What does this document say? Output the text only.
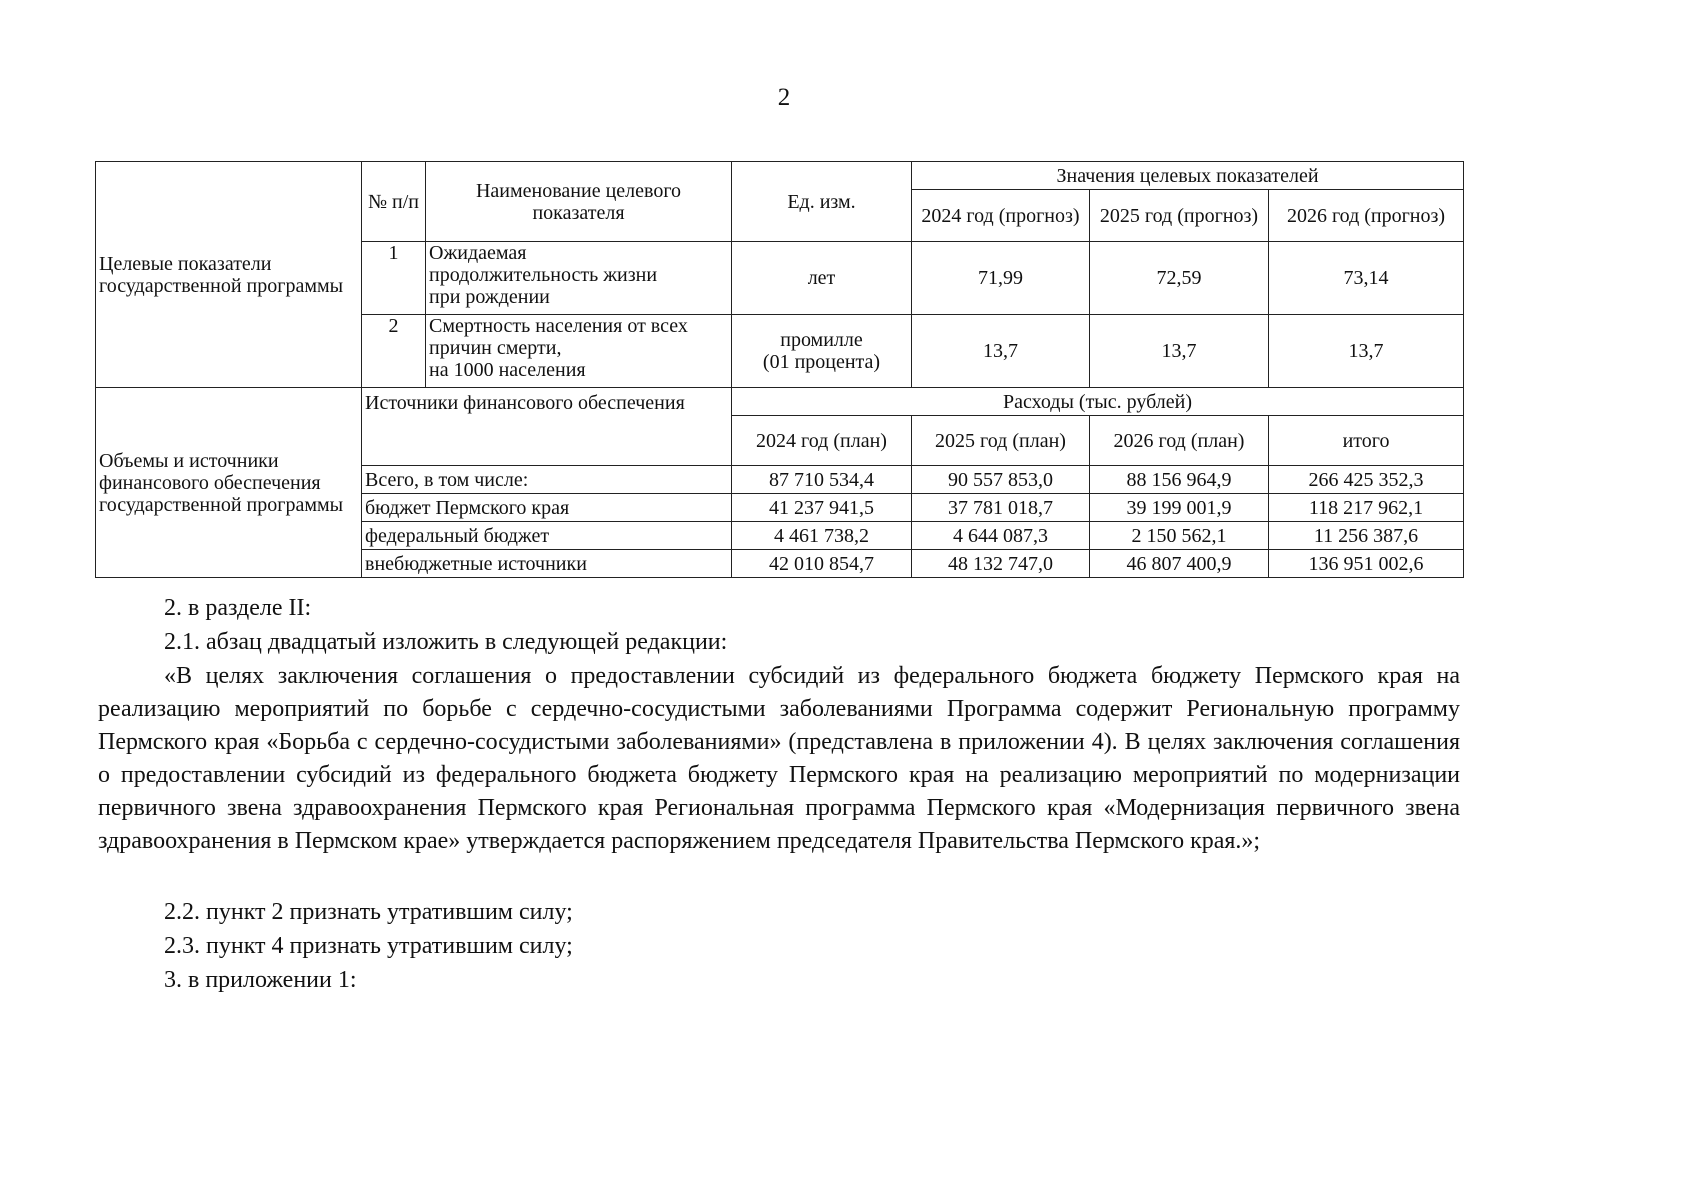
2
Целевые показатели государственной программы	№ п/п	Наименование целевого показателя	Ед. изм.	Значения целевых показателей		
				2024 год (прогноз)	2025 год (прогноз)	2026 год (прогноз)
	1	Ожидаемая
продолжительность жизни
при рождении	лет	71,99	72,59	73,14
	2	Смертность населения от всех
причин смерти,
на 1000 населения	промилле
(01 процента)	13,7	13,7	13,7
Объемы и источники финансового обеспечения государственной программы	Источники финансового обеспечения		Расходы (тыс. рублей)			
			2024 год (план)	2025 год (план)	2026 год (план)	итого
	Всего, в том числе:		87 710 534,4	90 557 853,0	88 156 964,9	266 425 352,3
	бюджет Пермского края		41 237 941,5	37 781 018,7	39 199 001,9	118 217 962,1
	федеральный бюджет		4 461 738,2	4 644 087,3	2 150 562,1	11 256 387,6
	внебюджетные источники		42 010 854,7	48 132 747,0	46 807 400,9	136 951 002,6
2. в разделе II:
2.1. абзац двадцатый изложить в следующей редакции:
«В целях заключения соглашения о предоставлении субсидий из федерального бюджета бюджету Пермского края на реализацию мероприятий по борьбе с сердечно-сосудистыми заболеваниями Программа содержит Региональную программу Пермского края «Борьба с сердечно-сосудистыми заболеваниями» (представлена в приложении 4). В целях заключения соглашения о предоставлении субсидий из федерального бюджета бюджету Пермского края на реализацию мероприятий по модернизации первичного звена здравоохранения Пермского края Региональная программа Пермского края «Модернизация первичного звена здравоохранения в Пермском крае» утверждается распоряжением председателя Правительства Пермского края.»;
2.2. пункт 2 признать утратившим силу;
2.3. пункт 4 признать утратившим силу;
3. в приложении 1:
